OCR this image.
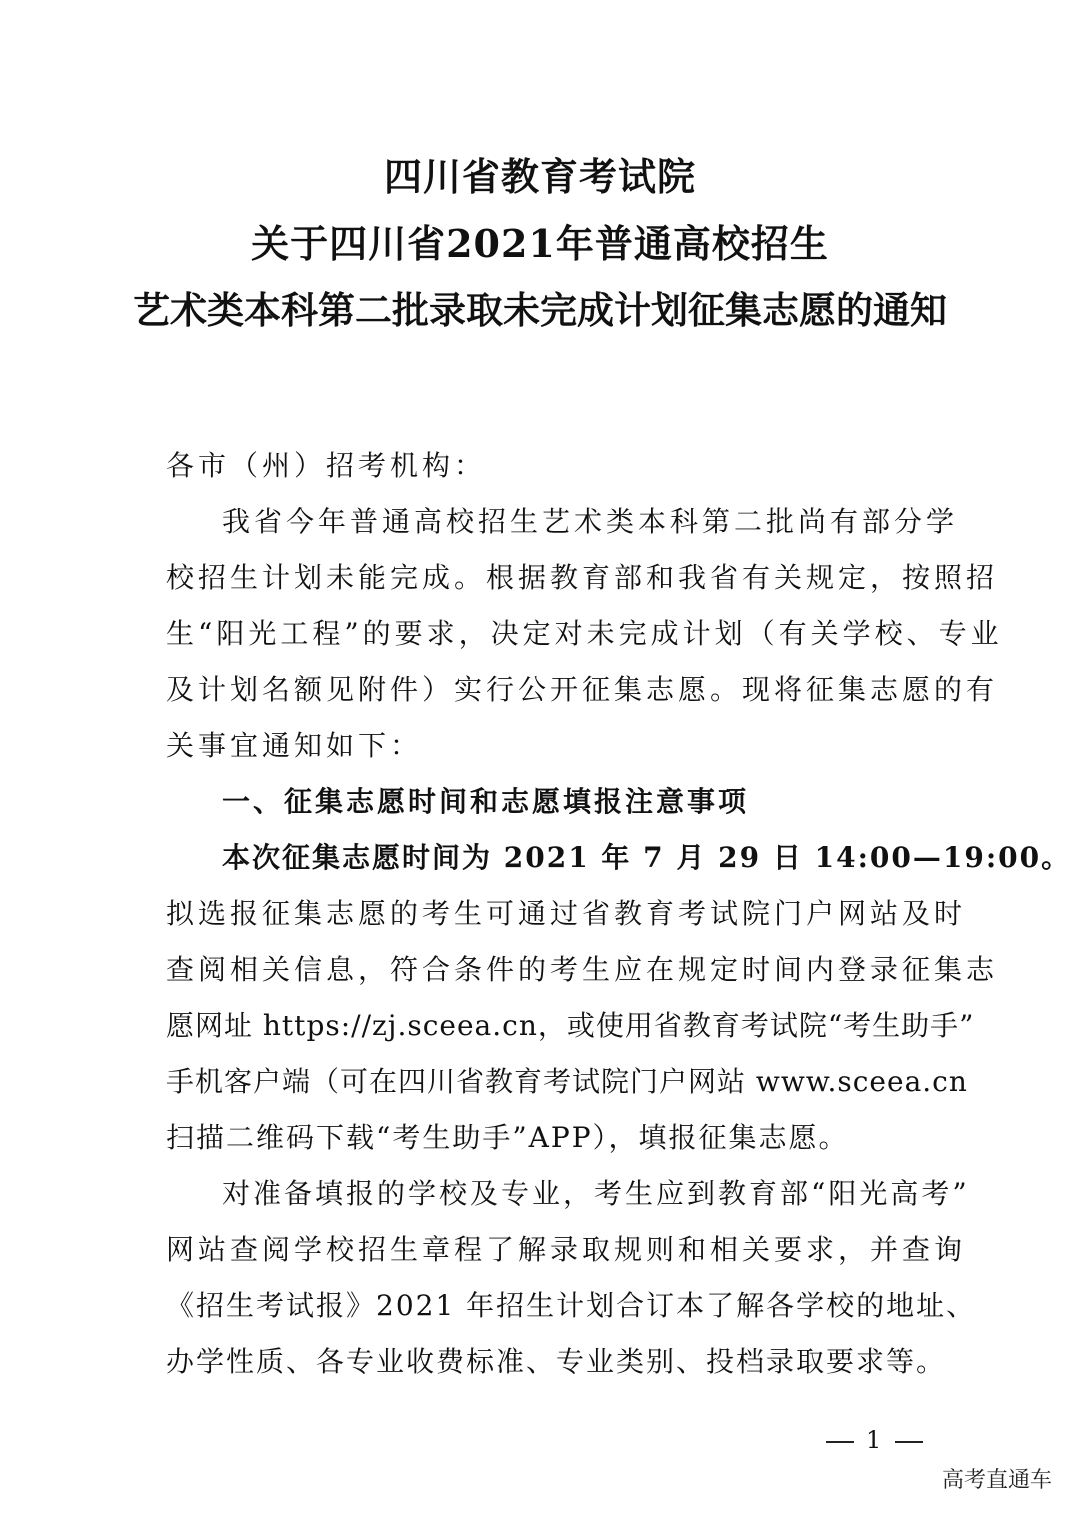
四川省教育考试院
关于四川省2021年普通高校招生
艺术类本科第二批录取未完成计划征集志愿的通知
各市（州）招考机构：
我省今年普通高校招生艺术类本科第二批尚有部分学
校招生计划未能完成。根据教育部和我省有关规定，按照招
生“阳光工程”的要求，决定对未完成计划（有关学校、专业
及计划名额见附件）实行公开征集志愿。现将征集志愿的有
关事宜通知如下：
一、征集志愿时间和志愿填报注意事项
本次征集志愿时间为 2021 年 7 月 29 日 14:00—19:00。
拟选报征集志愿的考生可通过省教育考试院门户网站及时
查阅相关信息，符合条件的考生应在规定时间内登录征集志
愿网址 https://zj.sceea.cn，或使用省教育考试院“考生助手”
手机客户端（可在四川省教育考试院门户网站 www.sceea.cn
扫描二维码下载“考生助手”APP），填报征集志愿。
对准备填报的学校及专业，考生应到教育部“阳光高考”
网站查阅学校招生章程了解录取规则和相关要求，并查询
《招生考试报》2021 年招生计划合订本了解各学校的地址、
办学性质、各专业收费标准、专业类别、投档录取要求等。
1
高考直通车
